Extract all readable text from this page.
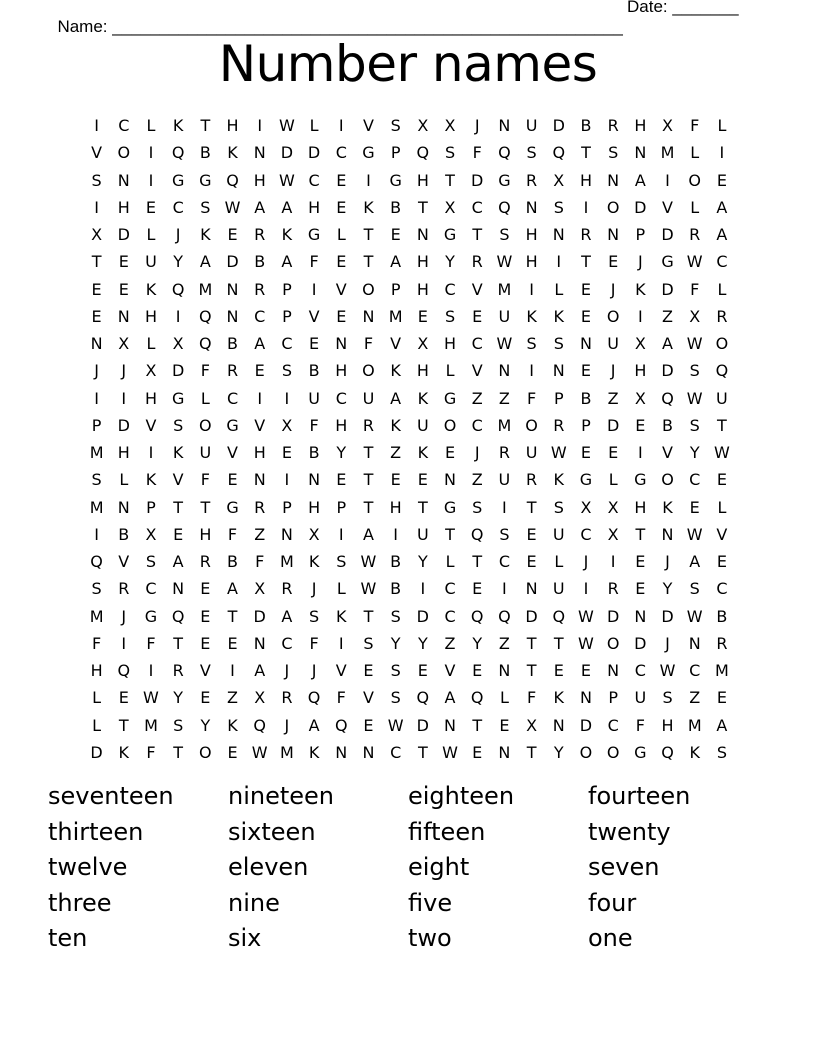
Name: ______________________________________________________

Date: _______

Number names
I	C	L	K	T	H	I	W L	I	V	S	X	X	J	N U D B	R H X	F	L
V O	I	Q B	K N D D C G	P	Q S	F	Q S Q	T	S	N M L	I
S	N	I	G G Q H W C	E	I	G H	T	D G R	X H N A	I	O E
I	H	E	C	S W A	A H	E	K	B	T	X	C Q N	S	I	O D V	L	A
X D	L	J	K	E	R	K G	L	T	E	N G	T	S	H N R N	P	D R	A
T	E	U	Y	A D B	A	F	E	T	A H	Y	R W H	I	T	E	J	G W C
E	E	K Q M N R	P	I	V O	P	H C	V M	I	L	E	J	K D	F	L
E	N H	I	Q N C	P	V	E	N M E	S	E	U	K	K	E O	I	Z	X	R
N X	L	X Q B	A	C	E	N	F	V	X H C W S	S	N U X	A W O
J	J	X D	F	R	E	S	B H O K H	L	V N	I	N	E	J	H D S Q
I	I	H G	L	C	I	I	U C U A	K G Z	Z	F	P	B	Z	X Q W U
P	D V	S O G V	X	F	H R	K	U O C M O R	P	D E	B	S	T
M H	I	K	U V H	E	B	Y	T	Z	K	E	J	R U W E	E	I	V	Y W
S	L	K	V	F	E	N	I	N	E	T	E	E	N Z U R	K G	L	G O C	E
M N	P	T	T	G R	P	H	P	T	H	T	G S	I	T	S	X	X H K	E	L
I	B	X	E	H	F	Z N X	I	A	I	U	T	Q S	E	U C	X	T	N W V
Q V	S	A	R	B	F M K	S W B	Y	L	T	C	E	L	J	I	E	J	A	E
S	R	C N	E	A	X	R	J	L W B	I	C	E	I	N U	I	R	E	Y	S	C
M	J	G Q E	T	D A	S	K	T	S D C Q Q D Q W D N D W B
F	I	F	T	E	E	N C	F	I	S	Y	Y	Z	Y	Z	T	T W O D	J	N R
H Q	I	R	V	I	A	J	J	V	E	S	E	V	E	N	T	E	E	N C W C M
L	E W Y	E	Z	X	R Q	F	V	S Q A Q	L	F	K N	P	U	S	Z	E
L	T M S	Y	K Q	J	A Q E W D N	T	E	X N D C	F	H M A
D K	F	T	O E W M K N N C	T W E	N	T	Y	O O G Q K	S
seventeen	nineteen	eighteen	fourteen
thirteen	sixteen	fifteen	twenty
twelve	eleven	eight	seven
three	nine	five	four
ten	six	two	one
